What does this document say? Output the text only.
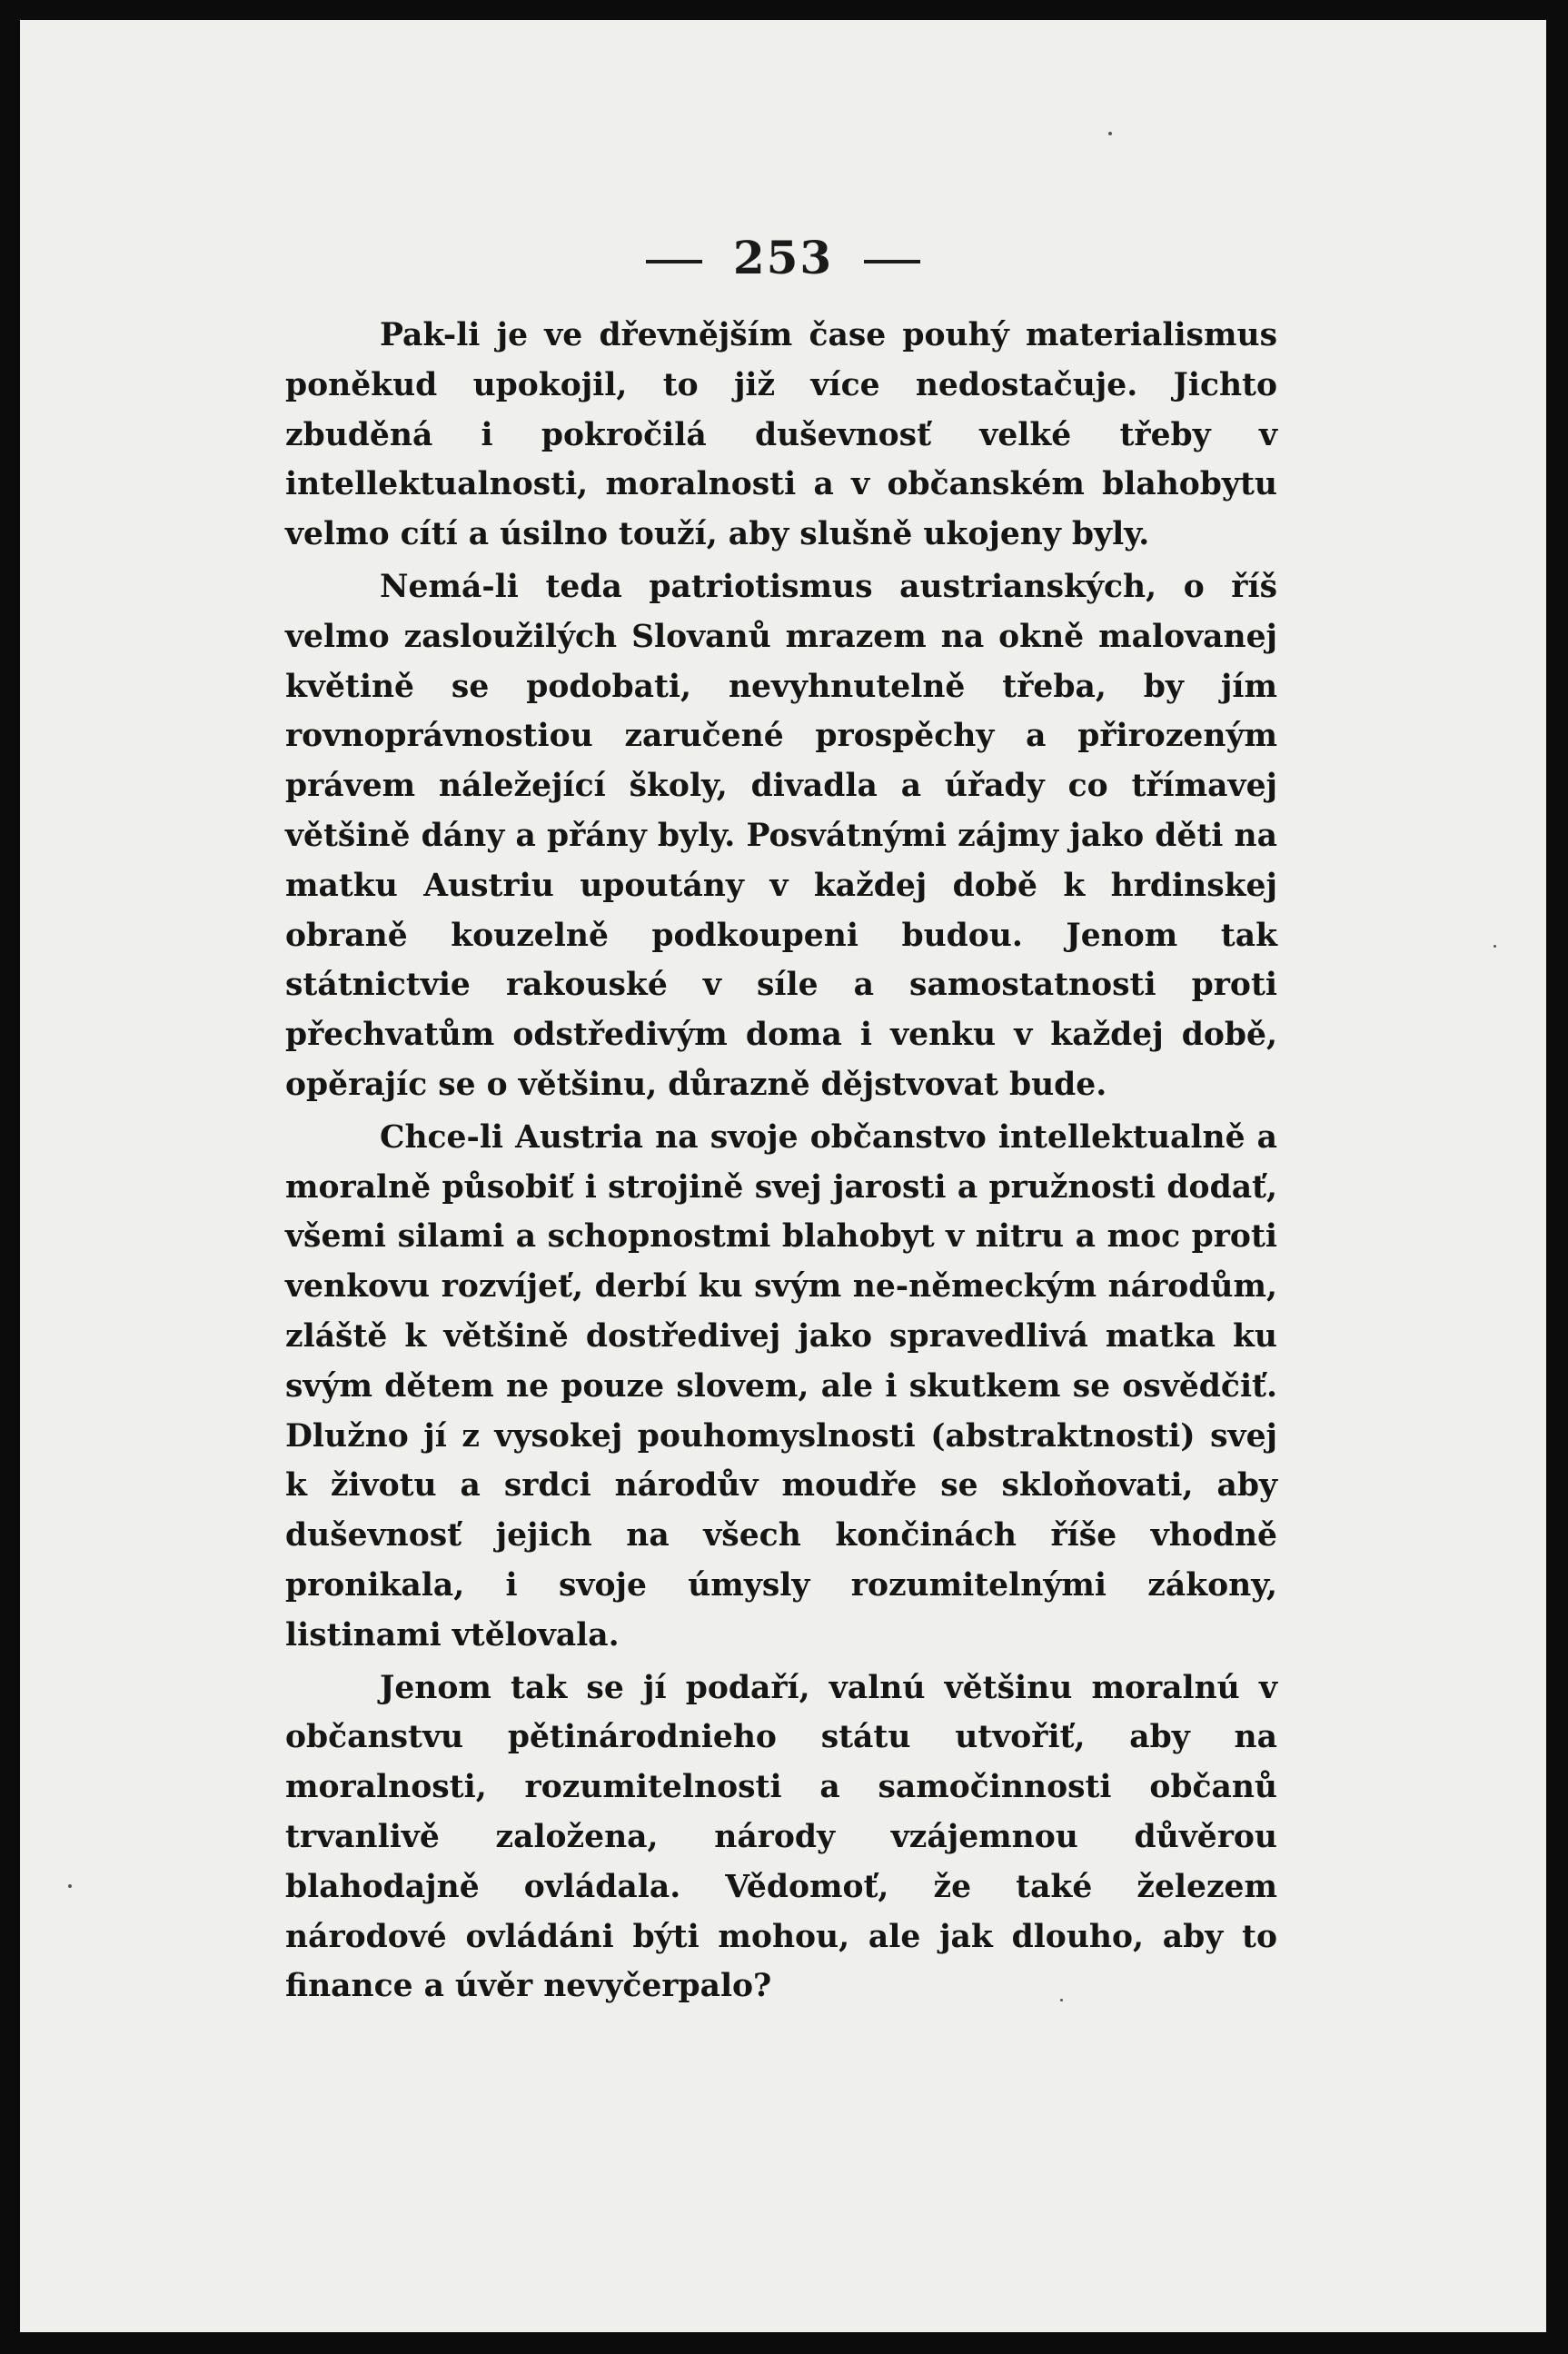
253

Pak-li je ve dřevnějším čase pouhý materialismus poněkud upokojil, to již více nedostačuje. Jichto zbuděná i pokročilá duševnosť velké třeby v intellektualnosti, moralnosti a v občanském blahobytu velmo cítí a úsilno touží, aby slušně ukojeny byly.

Nemá-li teda patriotismus austrianských, o říš velmo zasloužilých Slovanů mrazem na okně malovanej květině se podobati, nevyhnutelně třeba, by jím rovnoprávnostiou zaručené prospěchy a přirozeným právem náležející školy, divadla a úřady co třímavej většině dány a přány byly. Posvátnými zájmy jako děti na matku Austriu upoutány v každej době k hrdinskej obraně kouzelně podkoupeni budou. Jenom tak státnictvie rakouské v síle a samostatnosti proti přechvatům odstředivým doma i venku v každej době, opěrajíc se o většinu, důrazně dějstvovat bude.

Chce-li Austria na svoje občanstvo intellektualně a moralně působiť i strojině svej jarosti a pružnosti dodať, všemi silami a schopnostmi blahobyt v nitru a moc proti venkovu rozvíjeť, derbí ku svým ne-německým národům, zláště k většině dostředivej jako spravedlivá matka ku svým dětem ne pouze slovem, ale i skutkem se osvědčiť. Dlužno jí z vysokej pouhomyslnosti (abstraktnosti) svej k životu a srdci národův moudře se skloňovati, aby duševnosť jejich na všech končinách říše vhodně pronikala, i svoje úmysly rozumitelnými zákony, listinami vtělovala.

Jenom tak se jí podaří, valnú většinu moralnú v občanstvu pětinárodnieho státu utvořiť, aby na moralnosti, rozumitelnosti a samočinnosti občanů trvanlivě založena, národy vzájemnou důvěrou blahodajně ovládala. Vědomoť, že také železem národové ovládáni býti mohou, ale jak dlouho, aby to finance a úvěr nevyčerpalo?
